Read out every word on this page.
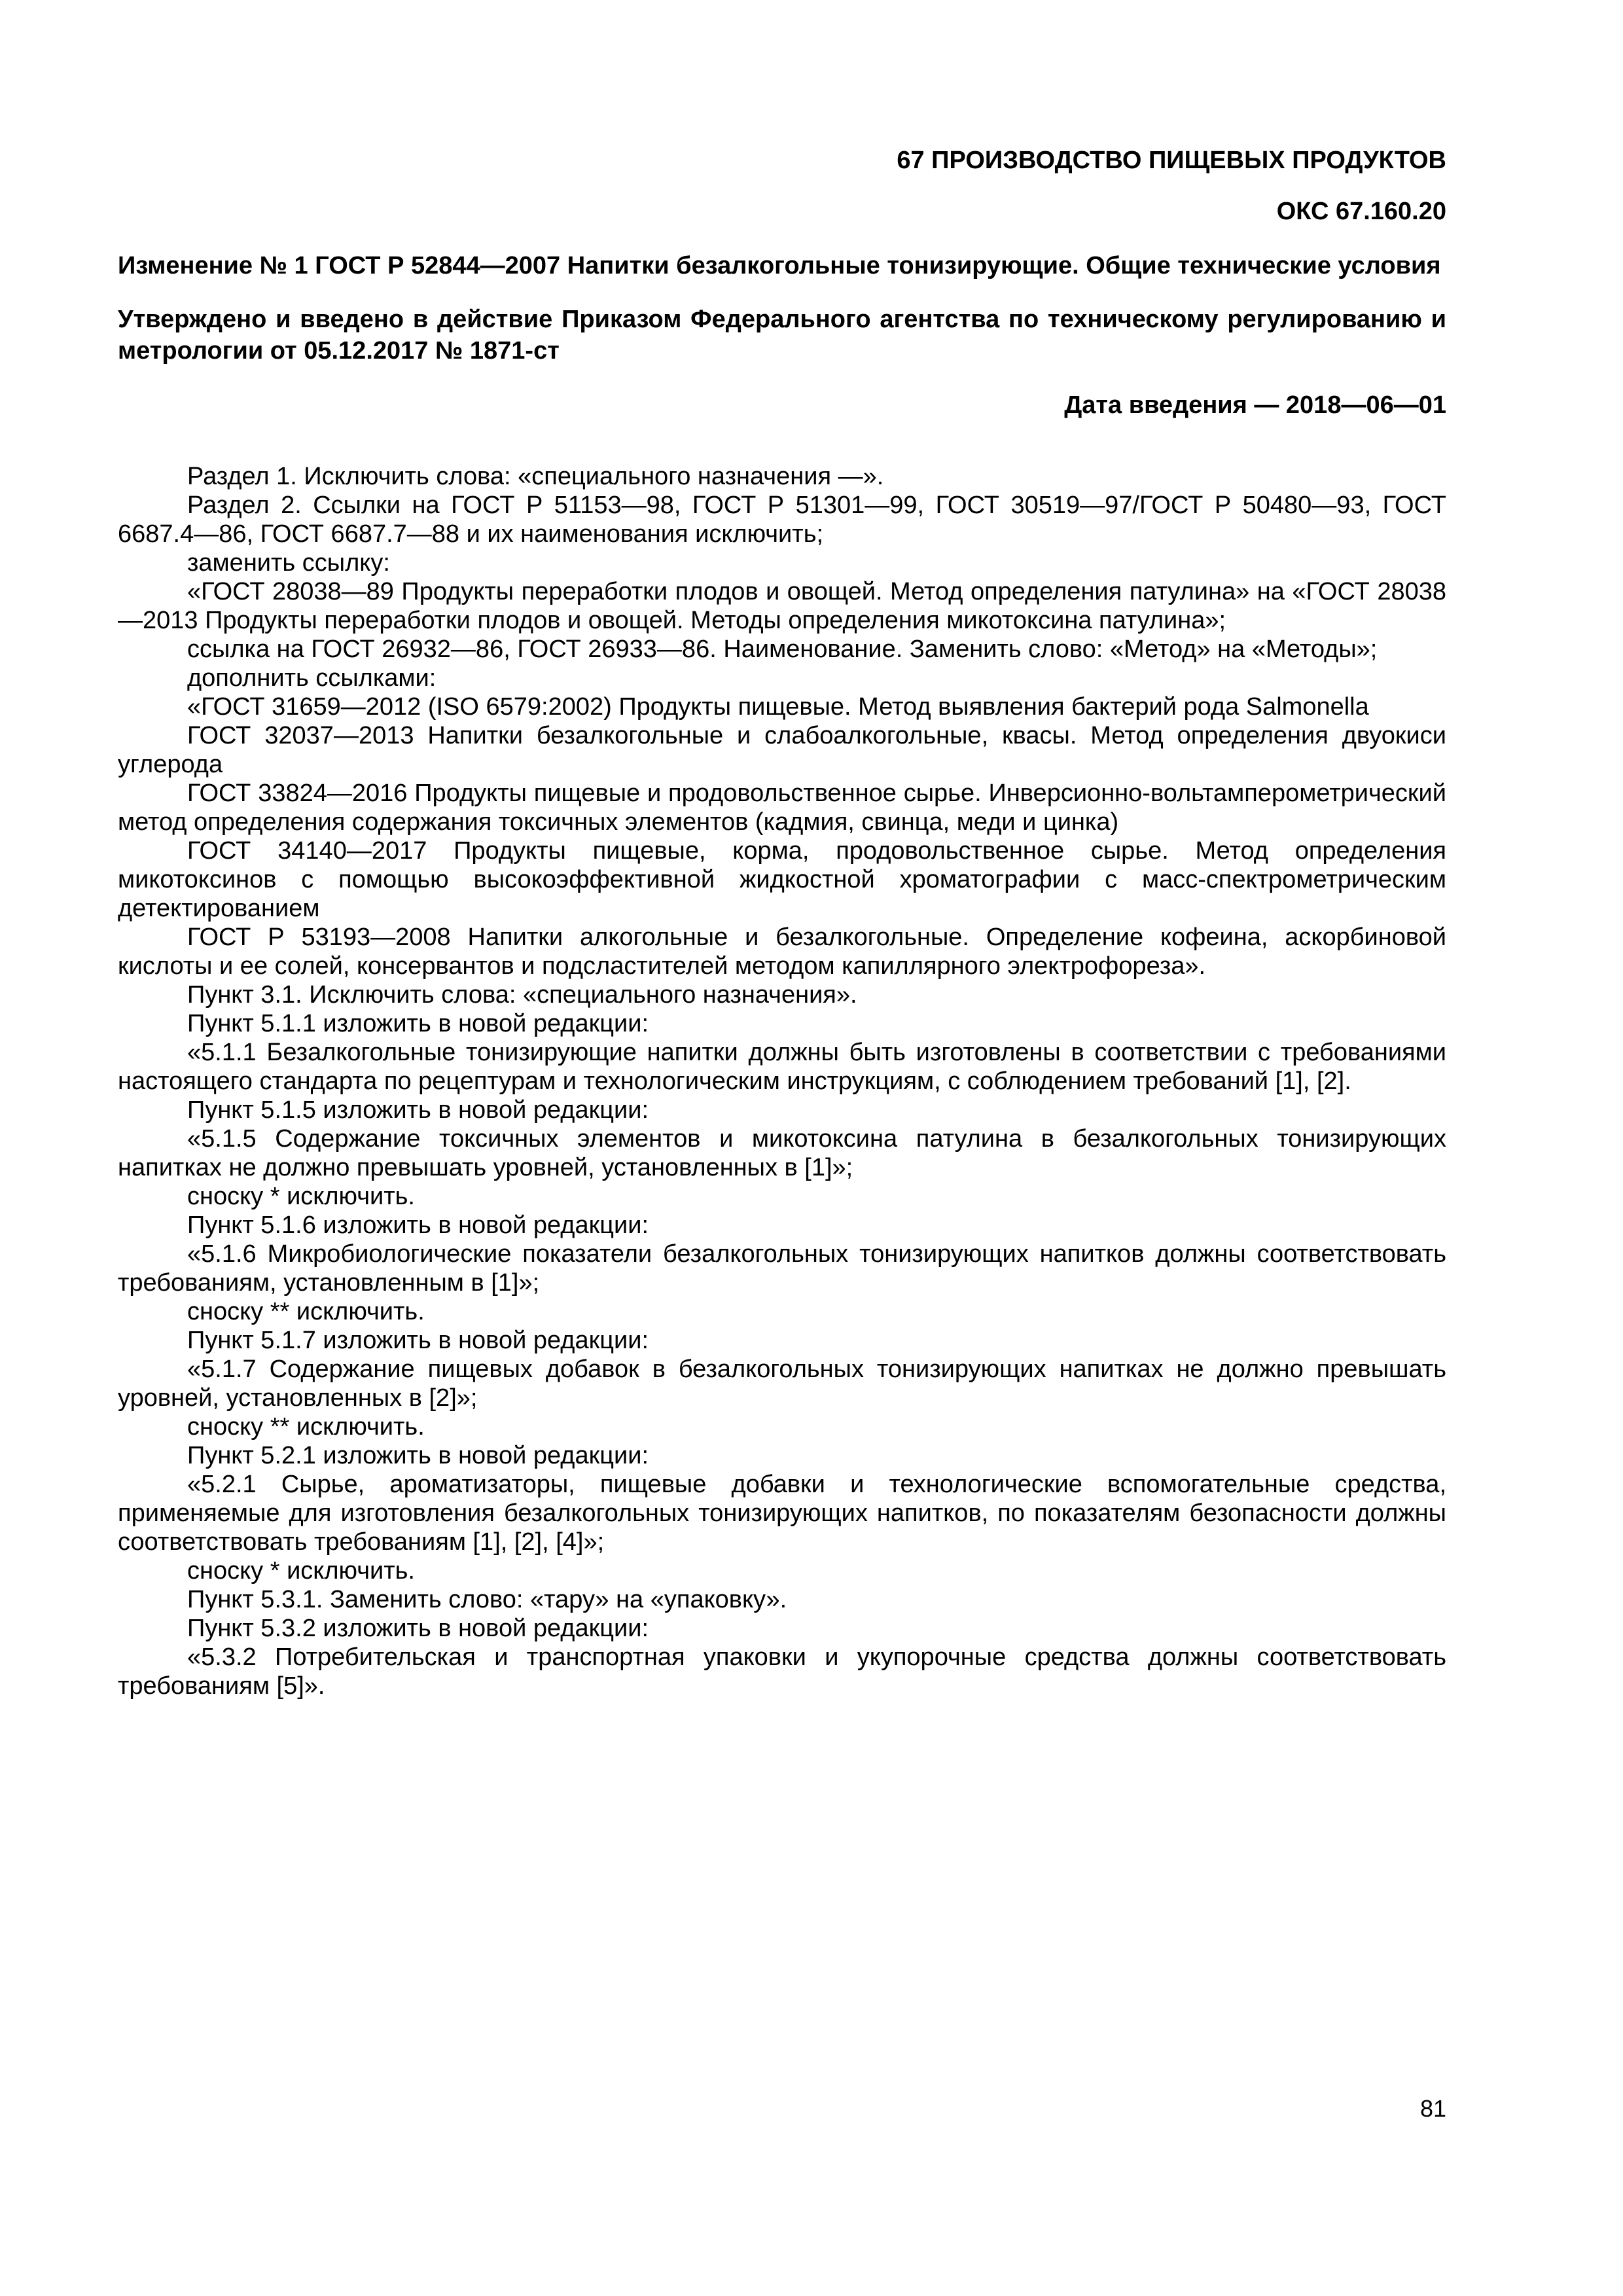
67 ПРОИЗВОДСТВО ПИЩЕВЫХ ПРОДУКТОВ
ОКС 67.160.20
Изменение № 1 ГОСТ Р 52844—2007 Напитки безалкогольные тонизирующие. Общие техничеcкие условия
Утверждено и введено в действие Приказом Федерального агентства по техническому регулированию и метрологии от 05.12.2017 № 1871-ст
Дата введения — 2018—06—01

Раздел 1. Исключить слова: «специального назначения —».

Раздел 2. Ссылки на ГОСТ Р 51153—98, ГОСТ Р 51301—99, ГОСТ 30519—97/ГОСТ Р 50480—93, ГОСТ 6687.4—86, ГОСТ 6687.7—88 и их наименования исключить;

заменить ссылку:

«ГОСТ 28038—89 Продукты переработки плодов и овощей. Метод определения патулина» на «ГОСТ 28038—2013 Продукты переработки плодов и овощей. Методы определения микотоксина патулина»;

ссылка на ГОСТ 26932—86, ГОСТ 26933—86. Наименование. Заменить слово: «Метод» на «Методы»;

дополнить ссылками:

«ГОСТ 31659—2012 (ISO 6579:2002) Продукты пищевые. Метод выявления бактерий рода Salmonella

ГОСТ 32037—2013 Напитки безалкогольные и слабоалкогольные, квасы. Метод определения двуокиси углерода

ГОСТ 33824—2016 Продукты пищевые и продовольственное сырье. Инверсионно-вольтамперометрический метод определения содержания токсичных элементов (кадмия, свинца, меди и цинка)

ГОСТ 34140—2017 Продукты пищевые, корма, продовольственное сырье. Метод определения микотоксинов с помощью высокоэффективной жидкостной хроматографии с масс-спектрометрическим детектированием

ГОСТ Р 53193—2008 Напитки алкогольные и безалкогольные. Определение кофеина, аскорбиновой кислоты и ее солей, консервантов и подсластителей методом капиллярного электрофореза».

Пункт 3.1. Исключить слова: «специального назначения».

Пункт 5.1.1 изложить в новой редакции:

«5.1.1 Безалкогольные тонизирующие напитки должны быть изготовлены в соответствии с требованиями настоящего стандарта по рецептурам и технологическим инструкциям, с соблюдением требований [1], [2].

Пункт 5.1.5 изложить в новой редакции:

«5.1.5 Содержание токсичных элементов и микотоксина патулина в безалкогольных тонизирующих напитках не должно превышать уровней, установленных в [1]»;

сноску * исключить.

Пункт 5.1.6 изложить в новой редакции:

«5.1.6 Микробиологические показатели безалкогольных тонизирующих напитков должны соответствовать требованиям, установленным в [1]»;

сноску ** исключить.

Пункт 5.1.7 изложить в новой редакции:

«5.1.7 Содержание пищевых добавок в безалкогольных тонизирующих напитках не должно превышать уровней, установленных в [2]»;

сноску ** исключить.

Пункт 5.2.1 изложить в новой редакции:

«5.2.1 Сырье, ароматизаторы, пищевые добавки и технологические вспомогательные средства, применяемые для изготовления безалкогольных тонизирующих напитков, по показателям безопасности должны соответствовать требованиям [1], [2], [4]»;

сноску * исключить.

Пункт 5.3.1. Заменить слово: «тару» на «упаковку».

Пункт 5.3.2 изложить в новой редакции:

«5.3.2 Потребительская и транспортная упаковки и укупорочные средства должны соответствовать требованиям [5]».

81
